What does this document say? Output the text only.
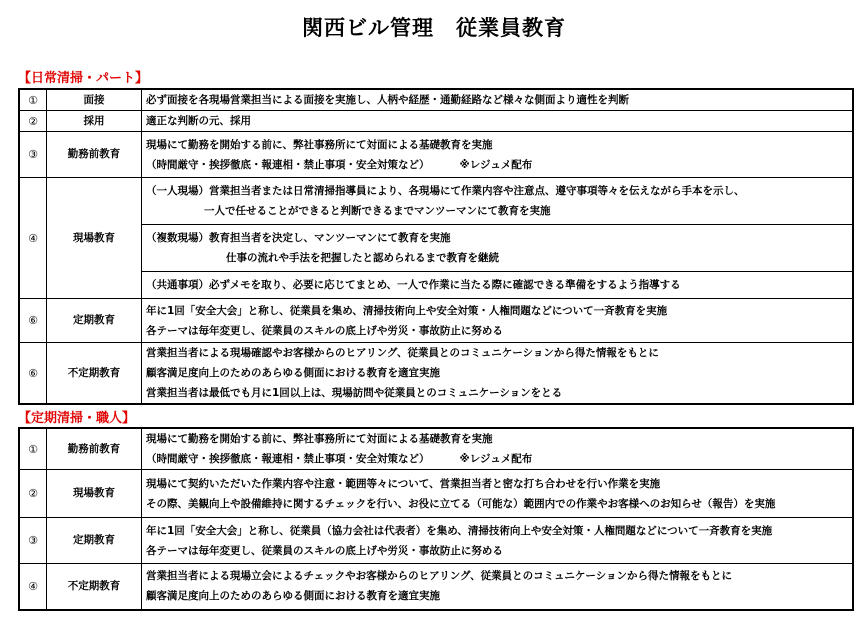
関西ビル管理　従業員教育
【日常清掃・パート】
①	面接	必ず面接を各現場営業担当による面接を実施し、人柄や経歴・通勤経路など様々な側面より適性を判断

②	採用	適正な判断の元、採用

③	勤務前教育	現場にて勤務を開始する前に、弊社事務所にて対面による基礎教育を実施
（時間厳守・挨拶徹底・報連相・禁止事項・安全対策など） ※レジュメ配布

④	現場教育	（一人現場）営業担当者または日常清掃指導員により、各現場にて作業内容や注意点、遵守事項等々を伝えながら手本を示し、
一人で任せることができると判断できるまでマンツーマンにて教育を実施
（複数現場）教育担当者を決定し、マンツーマンにて教育を実施
仕事の流れや手法を把握したと認められるまで教育を継続
（共通事項）必ずメモを取り、必要に応じてまとめ、一人で作業に当たる際に確認できる準備をするよう指導する

⑥	定期教育	年に1回「安全大会」と称し、従業員を集め、清掃技術向上や安全対策・人権問題などについて一斉教育を実施
各テーマは毎年変更し、従業員のスキルの底上げや労災・事故防止に努める

⑥	不定期教育	営業担当者による現場確認やお客様からのヒアリング、従業員とのコミュニケーションから得た情報をもとに
顧客満足度向上のためのあらゆる側面における教育を適宜実施
営業担当者は最低でも月に1回以上は、現場訪問や従業員とのコミュニケーションをとる
【定期清掃・職人】
①	勤務前教育	現場にて勤務を開始する前に、弊社事務所にて対面による基礎教育を実施
（時間厳守・挨拶徹底・報連相・禁止事項・安全対策など） ※レジュメ配布

②	現場教育	現場にて契約いただいた作業内容や注意・範囲等々について、営業担当者と密な打ち合わせを行い作業を実施
その際、美観向上や設備維持に関するチェックを行い、お役に立てる（可能な）範囲内での作業やお客様へのお知らせ（報告）を実施

③	定期教育	年に1回「安全大会」と称し、従業員（協力会社は代表者）を集め、清掃技術向上や安全対策・人権問題などについて一斉教育を実施
各テーマは毎年変更し、従業員のスキルの底上げや労災・事故防止に努める

④	不定期教育	営業担当者による現場立会によるチェックやお客様からのヒアリング、従業員とのコミュニケーションから得た情報をもとに
顧客満足度向上のためのあらゆる側面における教育を適宜実施
